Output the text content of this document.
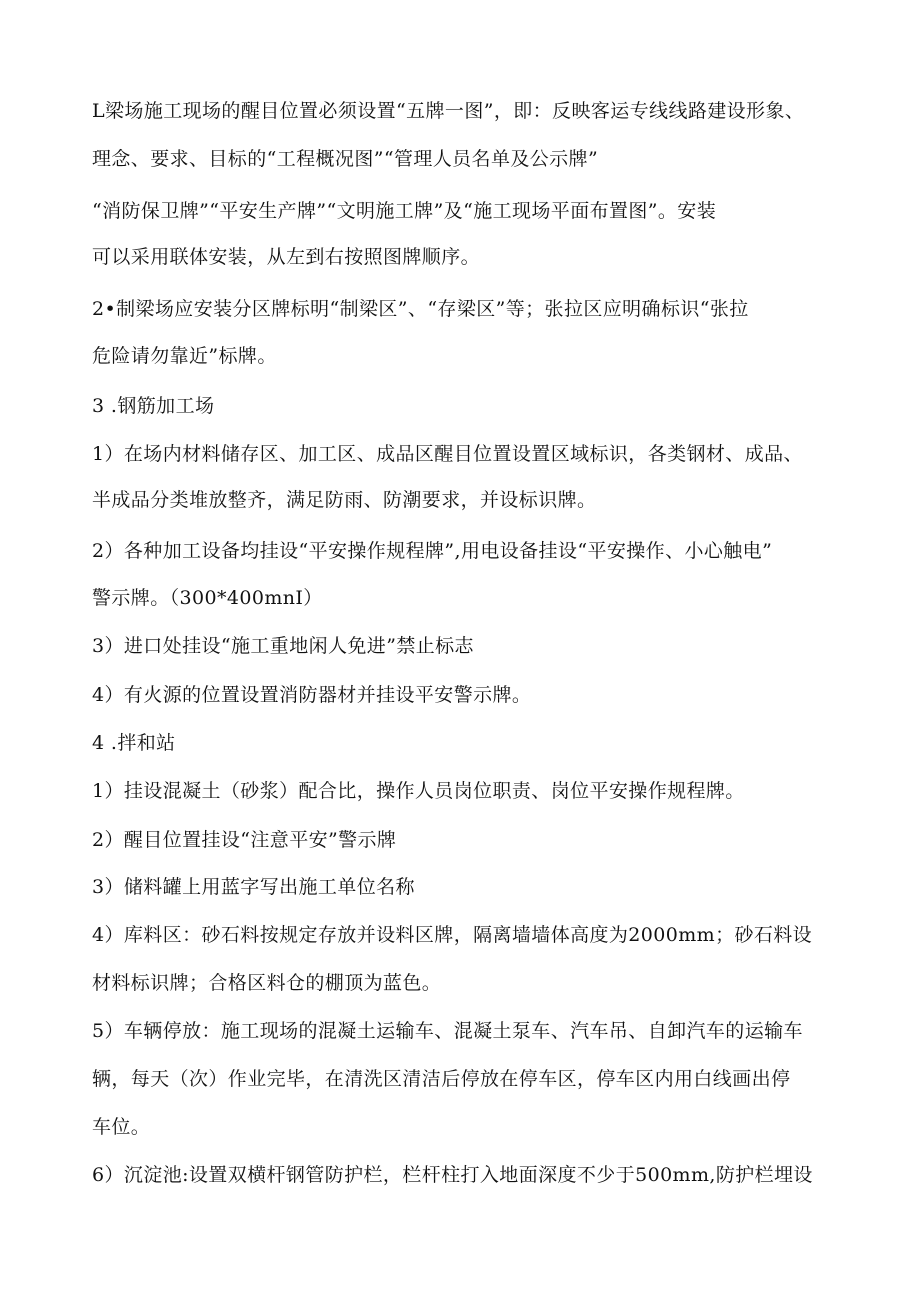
L梁场施工现场的醒目位置必须设置“五牌一图”，即：反映客运专线线路建设形象、
理念、要求、目标的“工程概况图”“管理人员名单及公示牌”
“消防保卫牌”“平安生产牌”“文明施工牌”及“施工现场平面布置图”。安装
可以采用联体安装，从左到右按照图牌顺序。
2•制梁场应安装分区牌标明“制梁区”、“存梁区”等；张拉区应明确标识“张拉
危险请勿靠近”标牌。
3 .钢筋加工场
1）在场内材料储存区、加工区、成品区醒目位置设置区域标识，各类钢材、成品、
半成品分类堆放整齐，满足防雨、防潮要求，并设标识牌。
2）各种加工设备均挂设“平安操作规程牌”,用电设备挂设“平安操作、小心触电”
警示牌。（300*400mnI）
3）进口处挂设“施工重地闲人免进”禁止标志
4）有火源的位置设置消防器材并挂设平安警示牌。
4 .拌和站
1）挂设混凝土（砂浆）配合比，操作人员岗位职责、岗位平安操作规程牌。
2）醒目位置挂设“注意平安”警示牌
3）储料罐上用蓝字写出施工单位名称
4）库料区：砂石料按规定存放并设料区牌，隔离墙墙体高度为2000mm；砂石料设
材料标识牌；合格区料仓的棚顶为蓝色。
5）车辆停放：施工现场的混凝土运输车、混凝土泵车、汽车吊、自卸汽车的运输车
辆，每天（次）作业完毕，在清洗区清洁后停放在停车区，停车区内用白线画出停
车位。
6）沉淀池:设置双横杆钢管防护栏，栏杆柱打入地面深度不少于500mm,防护栏埋设
